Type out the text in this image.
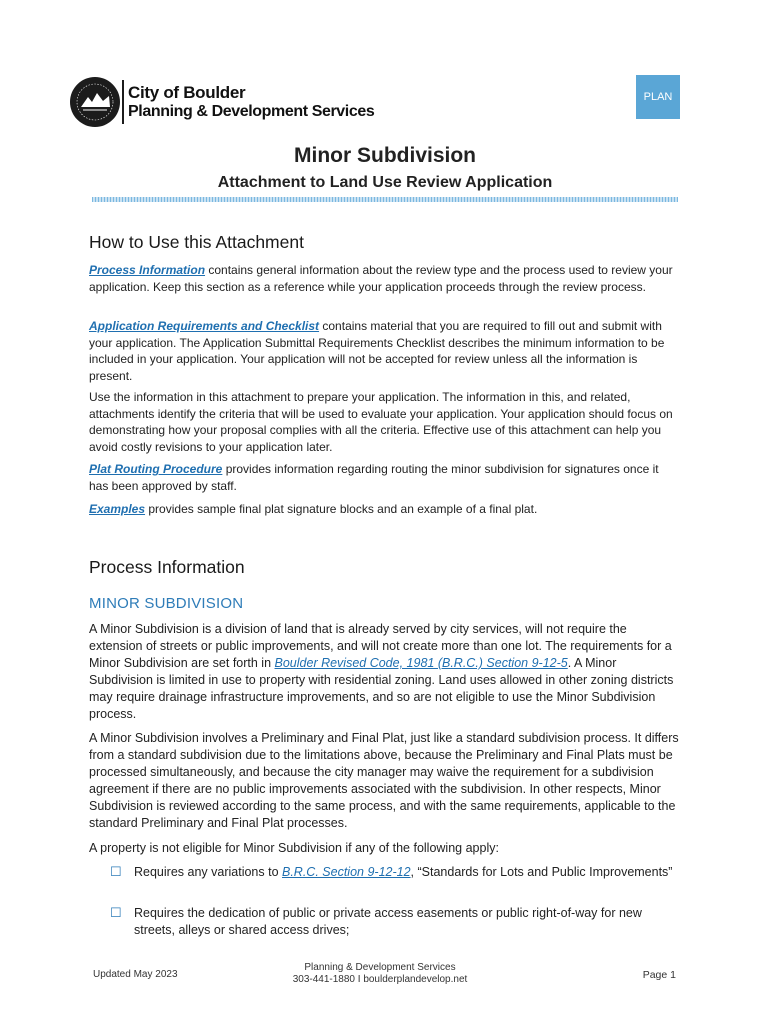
City of Boulder
Planning & Development Services
PLAN
Minor Subdivision
Attachment to Land Use Review Application
How to Use this Attachment
Process Information contains general information about the review type and the process used to review your application. Keep this section as a reference while your application proceeds through the review process.
Application Requirements and Checklist contains material that you are required to fill out and submit with your application. The Application Submittal Requirements Checklist describes the minimum information to be included in your application. Your application will not be accepted for review unless all the information is present.
Use the information in this attachment to prepare your application. The information in this, and related, attachments identify the criteria that will be used to evaluate your application. Your application should focus on demonstrating how your proposal complies with all the criteria. Effective use of this attachment can help you avoid costly revisions to your application later.
Plat Routing Procedure provides information regarding routing the minor subdivision for signatures once it has been approved by staff.
Examples provides sample final plat signature blocks and an example of a final plat.
Process Information
MINOR SUBDIVISION
A Minor Subdivision is a division of land that is already served by city services, will not require the extension of streets or public improvements, and will not create more than one lot. The requirements for a Minor Subdivision are set forth in Boulder Revised Code, 1981 (B.R.C.) Section 9-12-5. A Minor Subdivision is limited in use to property with residential zoning. Land uses allowed in other zoning districts may require drainage infrastructure improvements, and so are not eligible to use the Minor Subdivision process.
A Minor Subdivision involves a Preliminary and Final Plat, just like a standard subdivision process. It differs from a standard subdivision due to the limitations above, because the Preliminary and Final Plats must be processed simultaneously, and because the city manager may waive the requirement for a subdivision agreement if there are no public improvements associated with the subdivision. In other respects, Minor Subdivision is reviewed according to the same process, and with the same requirements, applicable to the standard Preliminary and Final Plat processes.
A property is not eligible for Minor Subdivision if any of the following apply:
☐ Requires any variations to B.R.C. Section 9-12-12, “Standards for Lots and Public Improvements”
☐ Requires the dedication of public or private access easements or public right-of-way for new streets, alleys or shared access drives;
Updated May 2023
Planning & Development Services
303-441-1880 I boulderplandevelop.net	Page 1
